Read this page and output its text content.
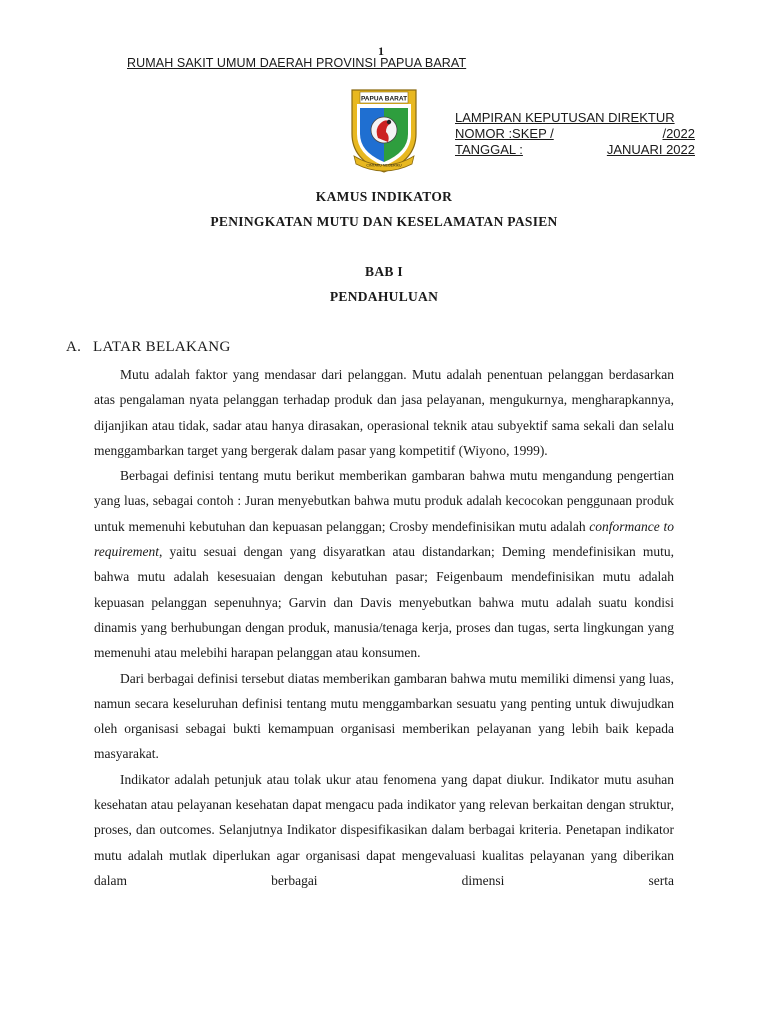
1
RUMAH SAKIT UMUM DAERAH PROVINSI PAPUA BARAT
PAPUA BARAT
CINTAKU NEGERIKU
LAMPIRAN KEPUTUSAN DIREKTUR
NOMOR :SKEP /	/2022
TANGGAL :	JANUARI 2022
KAMUS INDIKATOR
PENINGKATAN MUTU DAN KESELAMATAN PASIEN
BAB I
PENDAHULUAN
A. LATAR BELAKANG

Mutu adalah faktor yang mendasar dari pelanggan. Mutu adalah penentuan pelanggan berdasarkan atas pengalaman nyata pelanggan terhadap produk dan jasa pelayanan, mengukurnya, mengharapkannya, dijanjikan atau tidak, sadar atau hanya dirasakan, operasional teknik atau subyektif sama sekali dan selalu menggambarkan target yang bergerak dalam pasar yang kompetitif (Wiyono, 1999).

Berbagai definisi tentang mutu berikut memberikan gambaran bahwa mutu mengandung pengertian yang luas, sebagai contoh : Juran menyebutkan bahwa mutu produk adalah kecocokan penggunaan produk untuk memenuhi kebutuhan dan kepuasan pelanggan; Crosby mendefinisikan mutu adalah conformance to requirement, yaitu sesuai dengan yang disyaratkan atau distandarkan; Deming mendefinisikan mutu, bahwa mutu adalah kesesuaian dengan kebutuhan pasar; Feigenbaum mendefinisikan mutu adalah kepuasan pelanggan sepenuhnya; Garvin dan Davis menyebutkan bahwa mutu adalah suatu kondisi dinamis yang berhubungan dengan produk, manusia/tenaga kerja, proses dan tugas, serta lingkungan yang memenuhi atau melebihi harapan pelanggan atau konsumen.

Dari berbagai definisi tersebut diatas memberikan gambaran bahwa mutu memiliki dimensi yang luas, namun secara keseluruhan definisi tentang mutu menggambarkan sesuatu yang penting untuk diwujudkan oleh organisasi sebagai bukti kemampuan organisasi memberikan pelayanan yang lebih baik kepada masyarakat.

Indikator adalah petunjuk atau tolak ukur atau fenomena yang dapat diukur. Indikator mutu asuhan kesehatan atau pelayanan kesehatan dapat mengacu pada indikator yang relevan berkaitan dengan struktur, proses, dan outcomes. Selanjutnya Indikator dispesifikasikan dalam berbagai kriteria. Penetapan indikator mutu adalah mutlak diperlukan agar organisasi dapat mengevaluasi kualitas pelayanan yang diberikan dalam berbagai dimensi serta
